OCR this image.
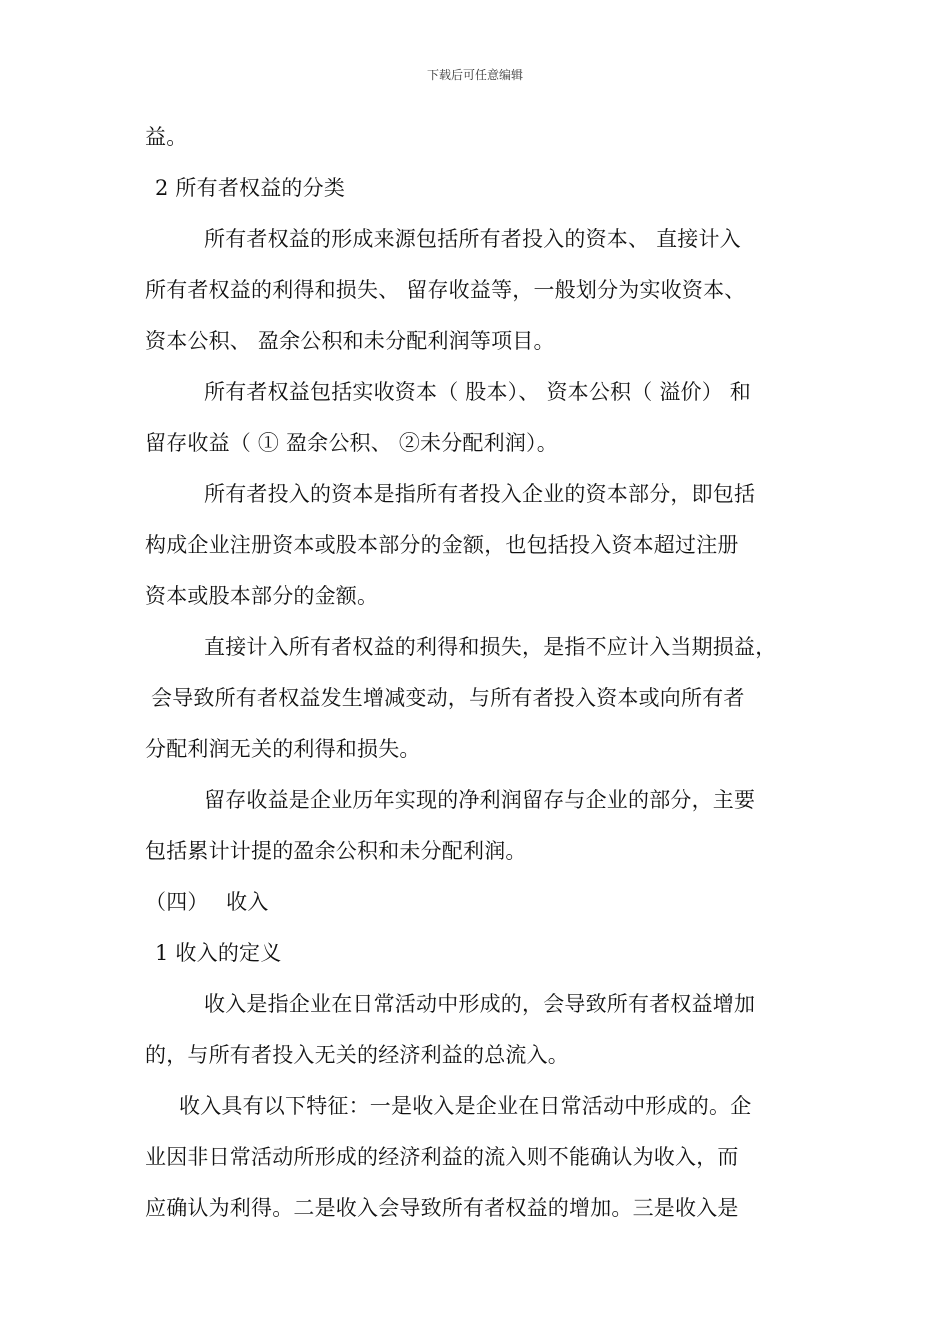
下载后可任意编辑
益。
2 所有者权益的分类
所有者权益的形成来源包括所有者投入的资本、 直接计入
所有者权益的利得和损失、 留存收益等，一般划分为实收资本、
资本公积、 盈余公积和未分配利润等项目。
所有者权益包括实收资本（ 股本）、 资本公积（ 溢价） 和
留存收益（ ① 盈余公积、 ②未分配利润）。
所有者投入的资本是指所有者投入企业的资本部分，即包括
构成企业注册资本或股本部分的金额，也包括投入资本超过注册
资本或股本部分的金额。
直接计入所有者权益的利得和损失，是指不应计入当期损益，
会导致所有者权益发生增减变动，与所有者投入资本或向所有者
分配利润无关的利得和损失。
留存收益是企业历年实现的净利润留存与企业的部分，主要
包括累计计提的盈余公积和未分配利润。
（四）　 收入
1 收入的定义
收入是指企业在日常活动中形成的，会导致所有者权益增加
的，与所有者投入无关的经济利益的总流入。
收入具有以下特征：一是收入是企业在日常活动中形成的。企
业因非日常活动所形成的经济利益的流入则不能确认为收入，而
应确认为利得。二是收入会导致所有者权益的增加。三是收入是
